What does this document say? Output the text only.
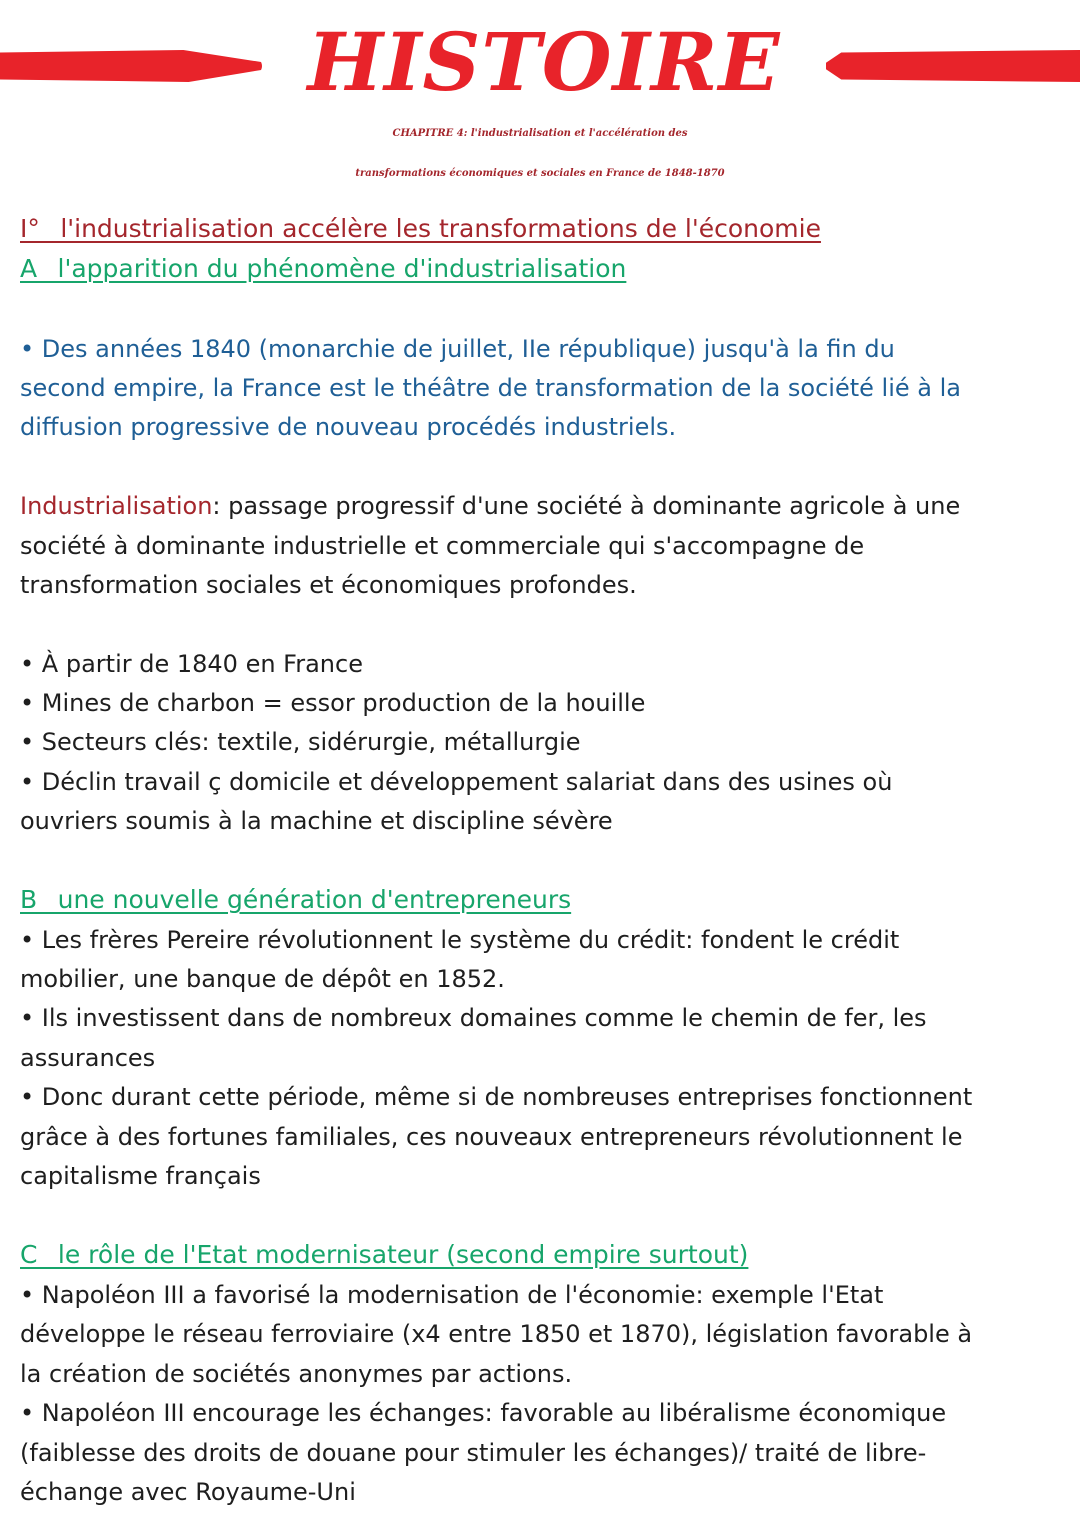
HISTOIRE
CHAPITRE 4: l'industrialisation et l'accélération des
transformations économiques et sociales en France de 1848-1870
I°_ l'industrialisation accélère les transformations de l'économie
A_ l'apparition du phénomène d'industrialisation
• Des années 1840 (monarchie de juillet, IIe république) jusqu'à la fin du
second empire, la France est le théâtre de transformation de la société lié à la
diffusion progressive de nouveau procédés industriels.
Industrialisation: passage progressif d'une société à dominante agricole à une
société à dominante industrielle et commerciale qui s'accompagne de
transformation sociales et économiques profondes.
• À partir de 1840 en France
• Mines de charbon = essor production de la houille
• Secteurs clés: textile, sidérurgie, métallurgie
• Déclin travail ç domicile et développement salariat dans des usines où
ouvriers soumis à la machine et discipline sévère
B_ une nouvelle génération d'entrepreneurs
• Les frères Pereire révolutionnent le système du crédit: fondent le crédit
mobilier, une banque de dépôt en 1852.
• Ils investissent dans de nombreux domaines comme le chemin de fer, les
assurances
• Donc durant cette période, même si de nombreuses entreprises fonctionnent
grâce à des fortunes familiales, ces nouveaux entrepreneurs révolutionnent le
capitalisme français
C_ le rôle de l'Etat modernisateur (second empire surtout)
• Napoléon III a favorisé la modernisation de l'économie: exemple l'Etat
développe le réseau ferroviaire (x4 entre 1850 et 1870), législation favorable à
la création de sociétés anonymes par actions.
• Napoléon III encourage les échanges: favorable au libéralisme économique
(faiblesse des droits de douane pour stimuler les échanges)/ traité de libre-
échange avec Royaume-Uni
